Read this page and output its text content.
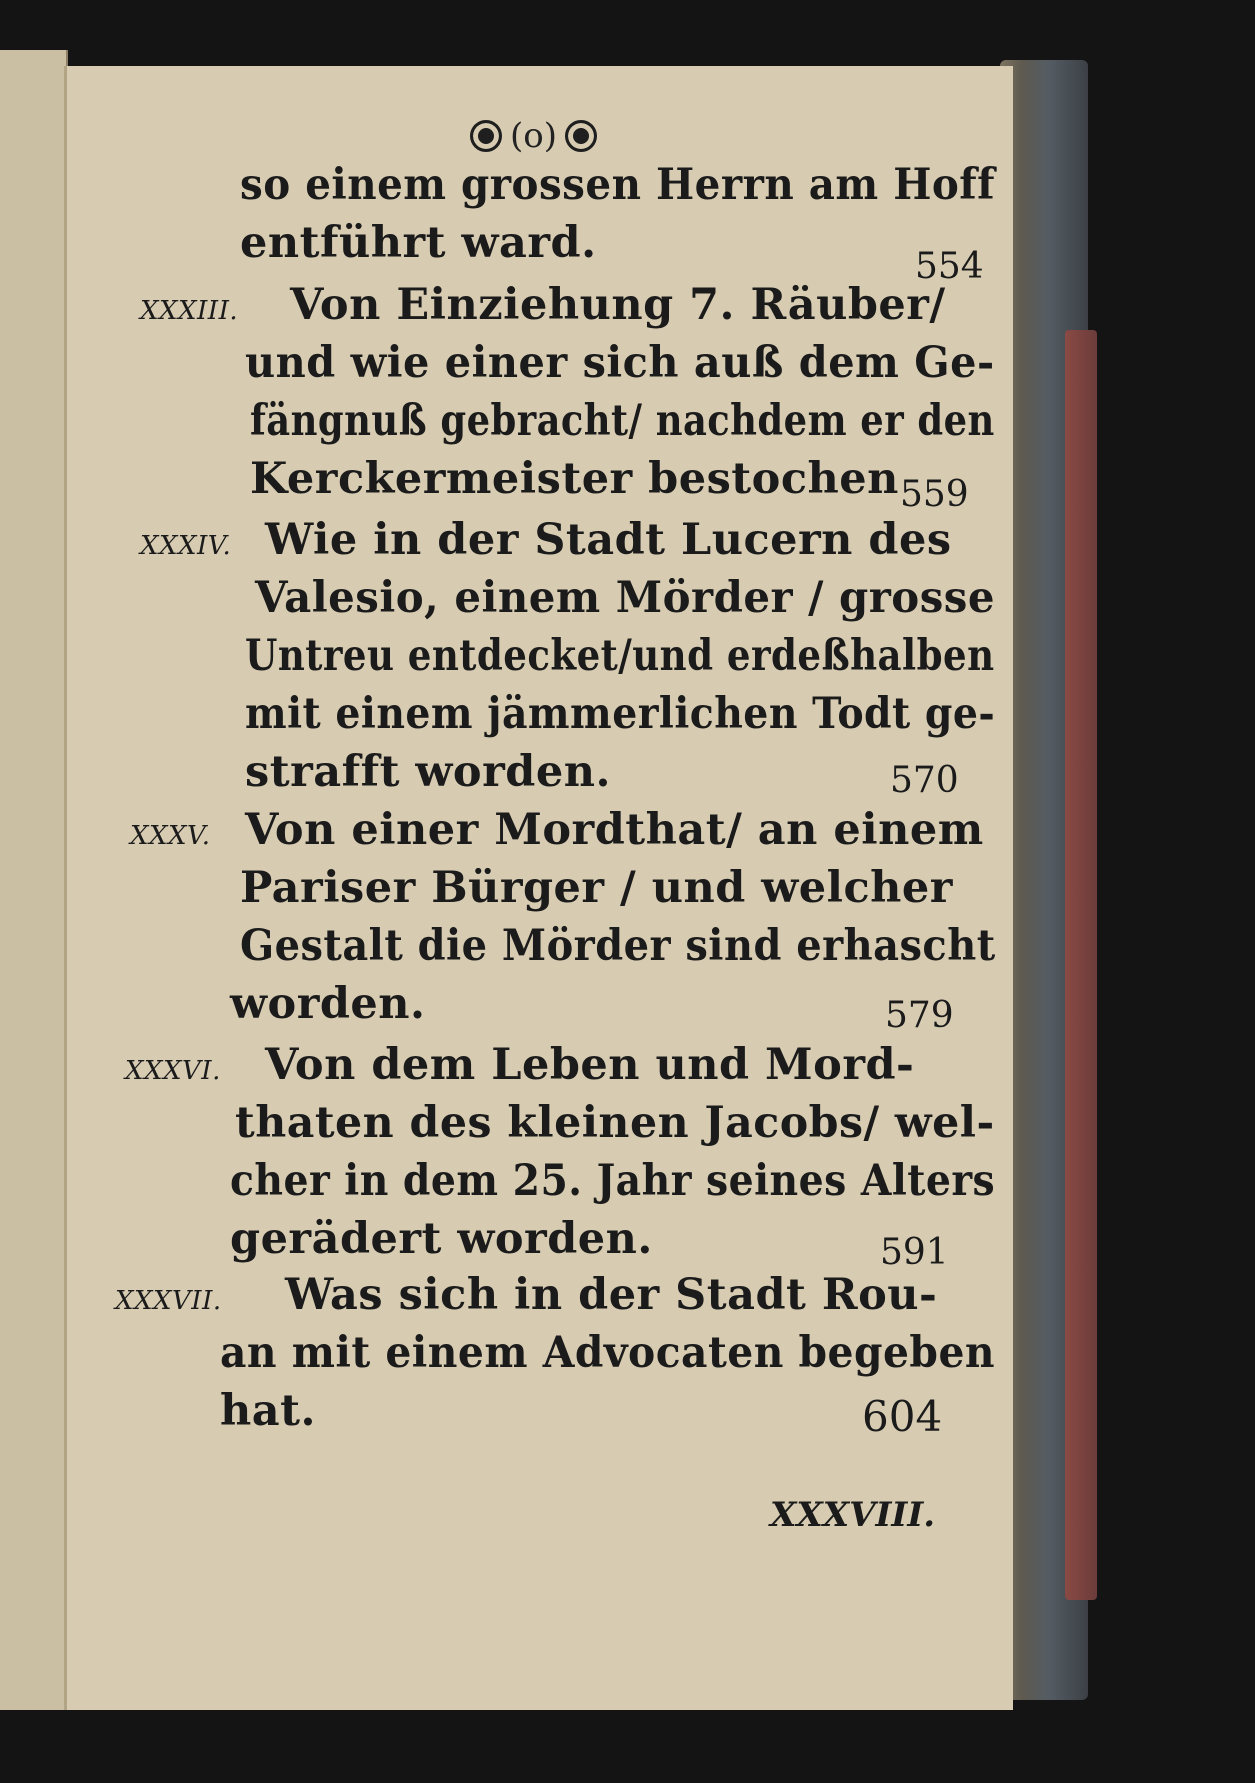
(o)
so einem grossen Herrn am Hoff
entführt ward.	554
XXXIII. Von Einziehung 7. Räuber/
und wie einer sich auß dem Ge-
fängnuß gebracht/ nachdem er den
Kerckermeister bestochen 559
XXXIV. Wie in der Stadt Lucern des
Valesio, einem Mörder / grosse
Untreu entdecket/und erdeßhalben
mit einem jämmerlichen Todt ge-
strafft worden.	570
XXXV. Von einer Mordthat/ an einem
Pariser Bürger / und welcher
Gestalt die Mörder sind erhascht
worden.	579
XXXVI. Von dem Leben und Mord-
thaten des kleinen Jacobs/ wel-
cher in dem 25. Jahr seines Alters
gerädert worden.	591
XXXVII. Was sich in der Stadt Rou-
an mit einem Advocaten begeben
hat.	604
XXXVIII.
